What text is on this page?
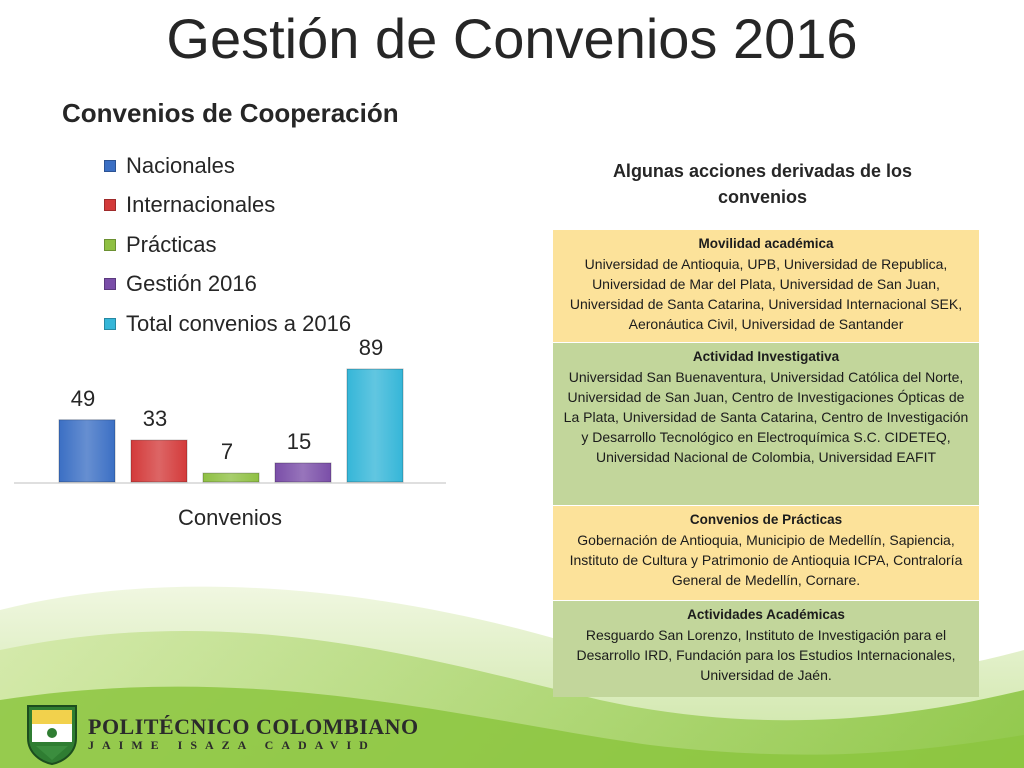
Gestión de Convenios 2016
Convenios de Cooperación
Nacionales
Internacionales
Prácticas
Gestión 2016
Total convenios a 2016
49
33
7 15
89
Convenios
Algunas acciones derivadas de los convenios
Movilidad académica
Universidad de Antioquia, UPB, Universidad de Republica, Universidad de Mar del Plata, Universidad de San Juan, Universidad de Santa Catarina, Universidad Internacional SEK, Aeronáutica Civil, Universidad de Santander
Actividad Investigativa
Universidad San Buenaventura, Universidad Católica del Norte, Universidad de San Juan, Centro de Investigaciones Ópticas de La Plata, Universidad de Santa Catarina, Centro de Investigación y Desarrollo Tecnológico en Electroquímica S.C. CIDETEQ, Universidad Nacional de Colombia, Universidad EAFIT
Convenios de Prácticas
Gobernación de Antioquia, Municipio de Medellín, Sapiencia, Instituto de Cultura y Patrimonio de Antioquia ICPA, Contraloría General de Medellín, Cornare.
Actividades Académicas
Resguardo San Lorenzo, Instituto de Investigación para el Desarrollo IRD, Fundación para los Estudios Internacionales, Universidad de Jaén.
POLITÉCNICO COLOMBIANO
JAIME ISAZA CADAVID
